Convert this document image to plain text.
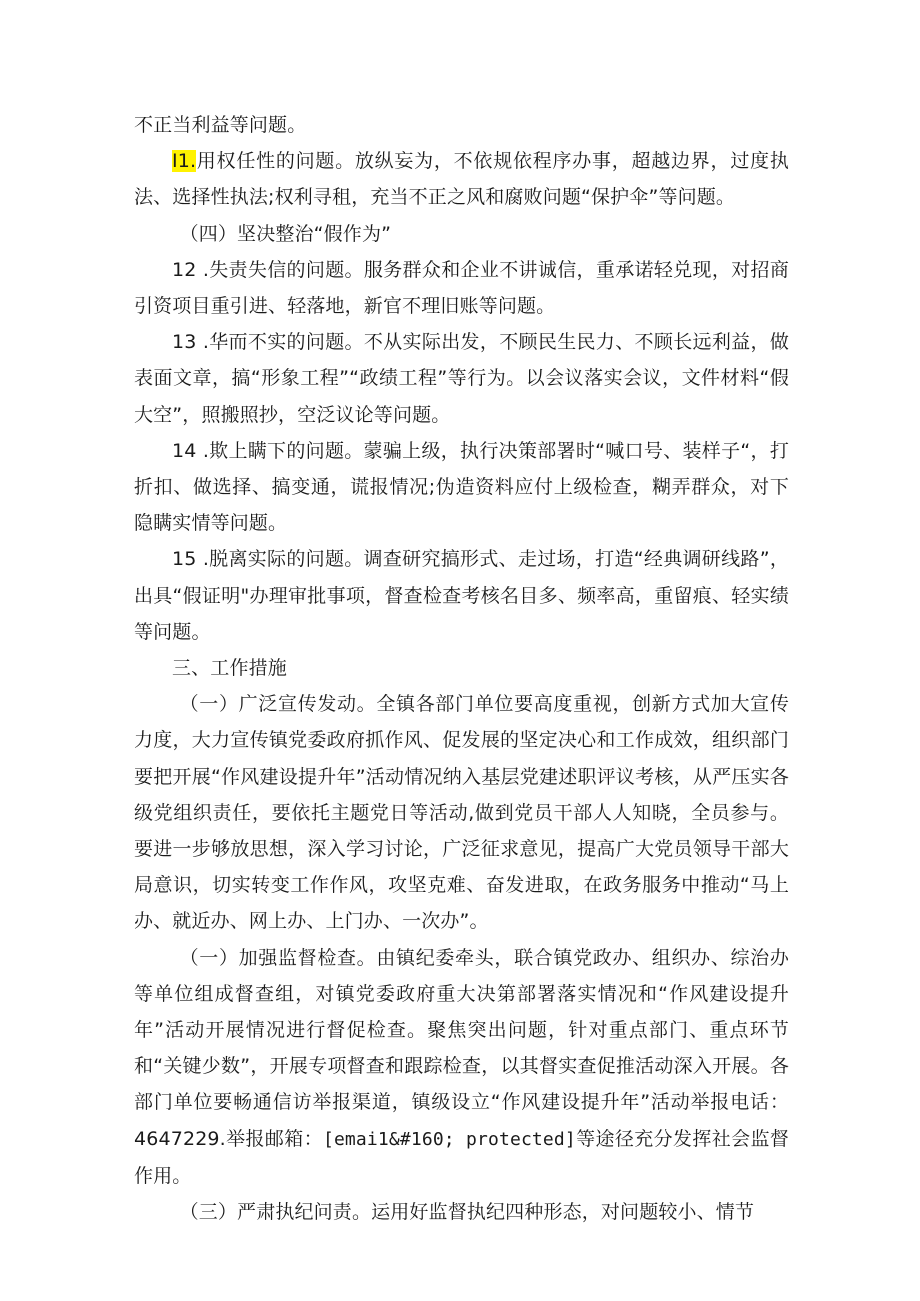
不正当利益等问题。

I1.用权任性的问题。放纵妄为，不依规依程序办事，超越边界，过度执法、选择性执法;权利寻租，充当不正之风和腐败问题“保护伞”等问题。

（四）坚决整治“假作为”

12 .失责失信的问题。服务群众和企业不讲诚信，重承诺轻兑现，对招商引资项目重引进、轻落地，新官不理旧账等问题。

13 .华而不实的问题。不从实际出发，不顾民生民力、不顾长远利益，做表面文章，搞“形象工程”“政绩工程”等行为。以会议落实会议，文件材料“假大空”，照搬照抄，空泛议论等问题。

14 .欺上瞒下的问题。蒙骗上级，执行决策部署时“喊口号、装样子“，打折扣、做选择、搞变通，谎报情况;伪造资料应付上级检查，糊弄群众，对下隐瞒实情等问题。

15 .脱离实际的问题。调查研究搞形式、走过场，打造“经典调研线路”，出具“假证明"办理审批事项，督查检查考核名目多、频率高，重留痕、轻实绩等问题。

三、工作措施

（一）广泛宣传发动。全镇各部门单位要高度重视，创新方式加大宣传力度，大力宣传镇党委政府抓作风、促发展的坚定决心和工作成效，组织部门要把开展“作风建设提升年”活动情况纳入基层党建述职评议考核，从严压实各级党组织责任，要依托主题党日等活动,做到党员干部人人知晓，全员参与。要进一步够放思想，深入学习讨论，广泛征求意见，提高广大党员领导干部大局意识，切实转变工作作风，攻坚克难、奋发进取，在政务服务中推动“马上办、就近办、网上办、上门办、一次办”。

（一）加强监督检查。由镇纪委牵头，联合镇党政办、组织办、综治办等单位组成督查组，对镇党委政府重大决第部署落实情况和“作风建设提升年”活动开展情况进行督促检查。聚焦突出问题，针对重点部门、重点环节和“关键少数”，开展专项督查和跟踪检查，以其督实查促推活动深入开展。各部门单位要畅通信访举报渠道，镇级设立“作风建设提升年”活动举报电话：4647229.举报邮箱：[emai1&#160; protected]等途径充分发挥社会监督作用。

（三）严肃执纪问责。运用好监督执纪四种形态，对问题较小、情节
